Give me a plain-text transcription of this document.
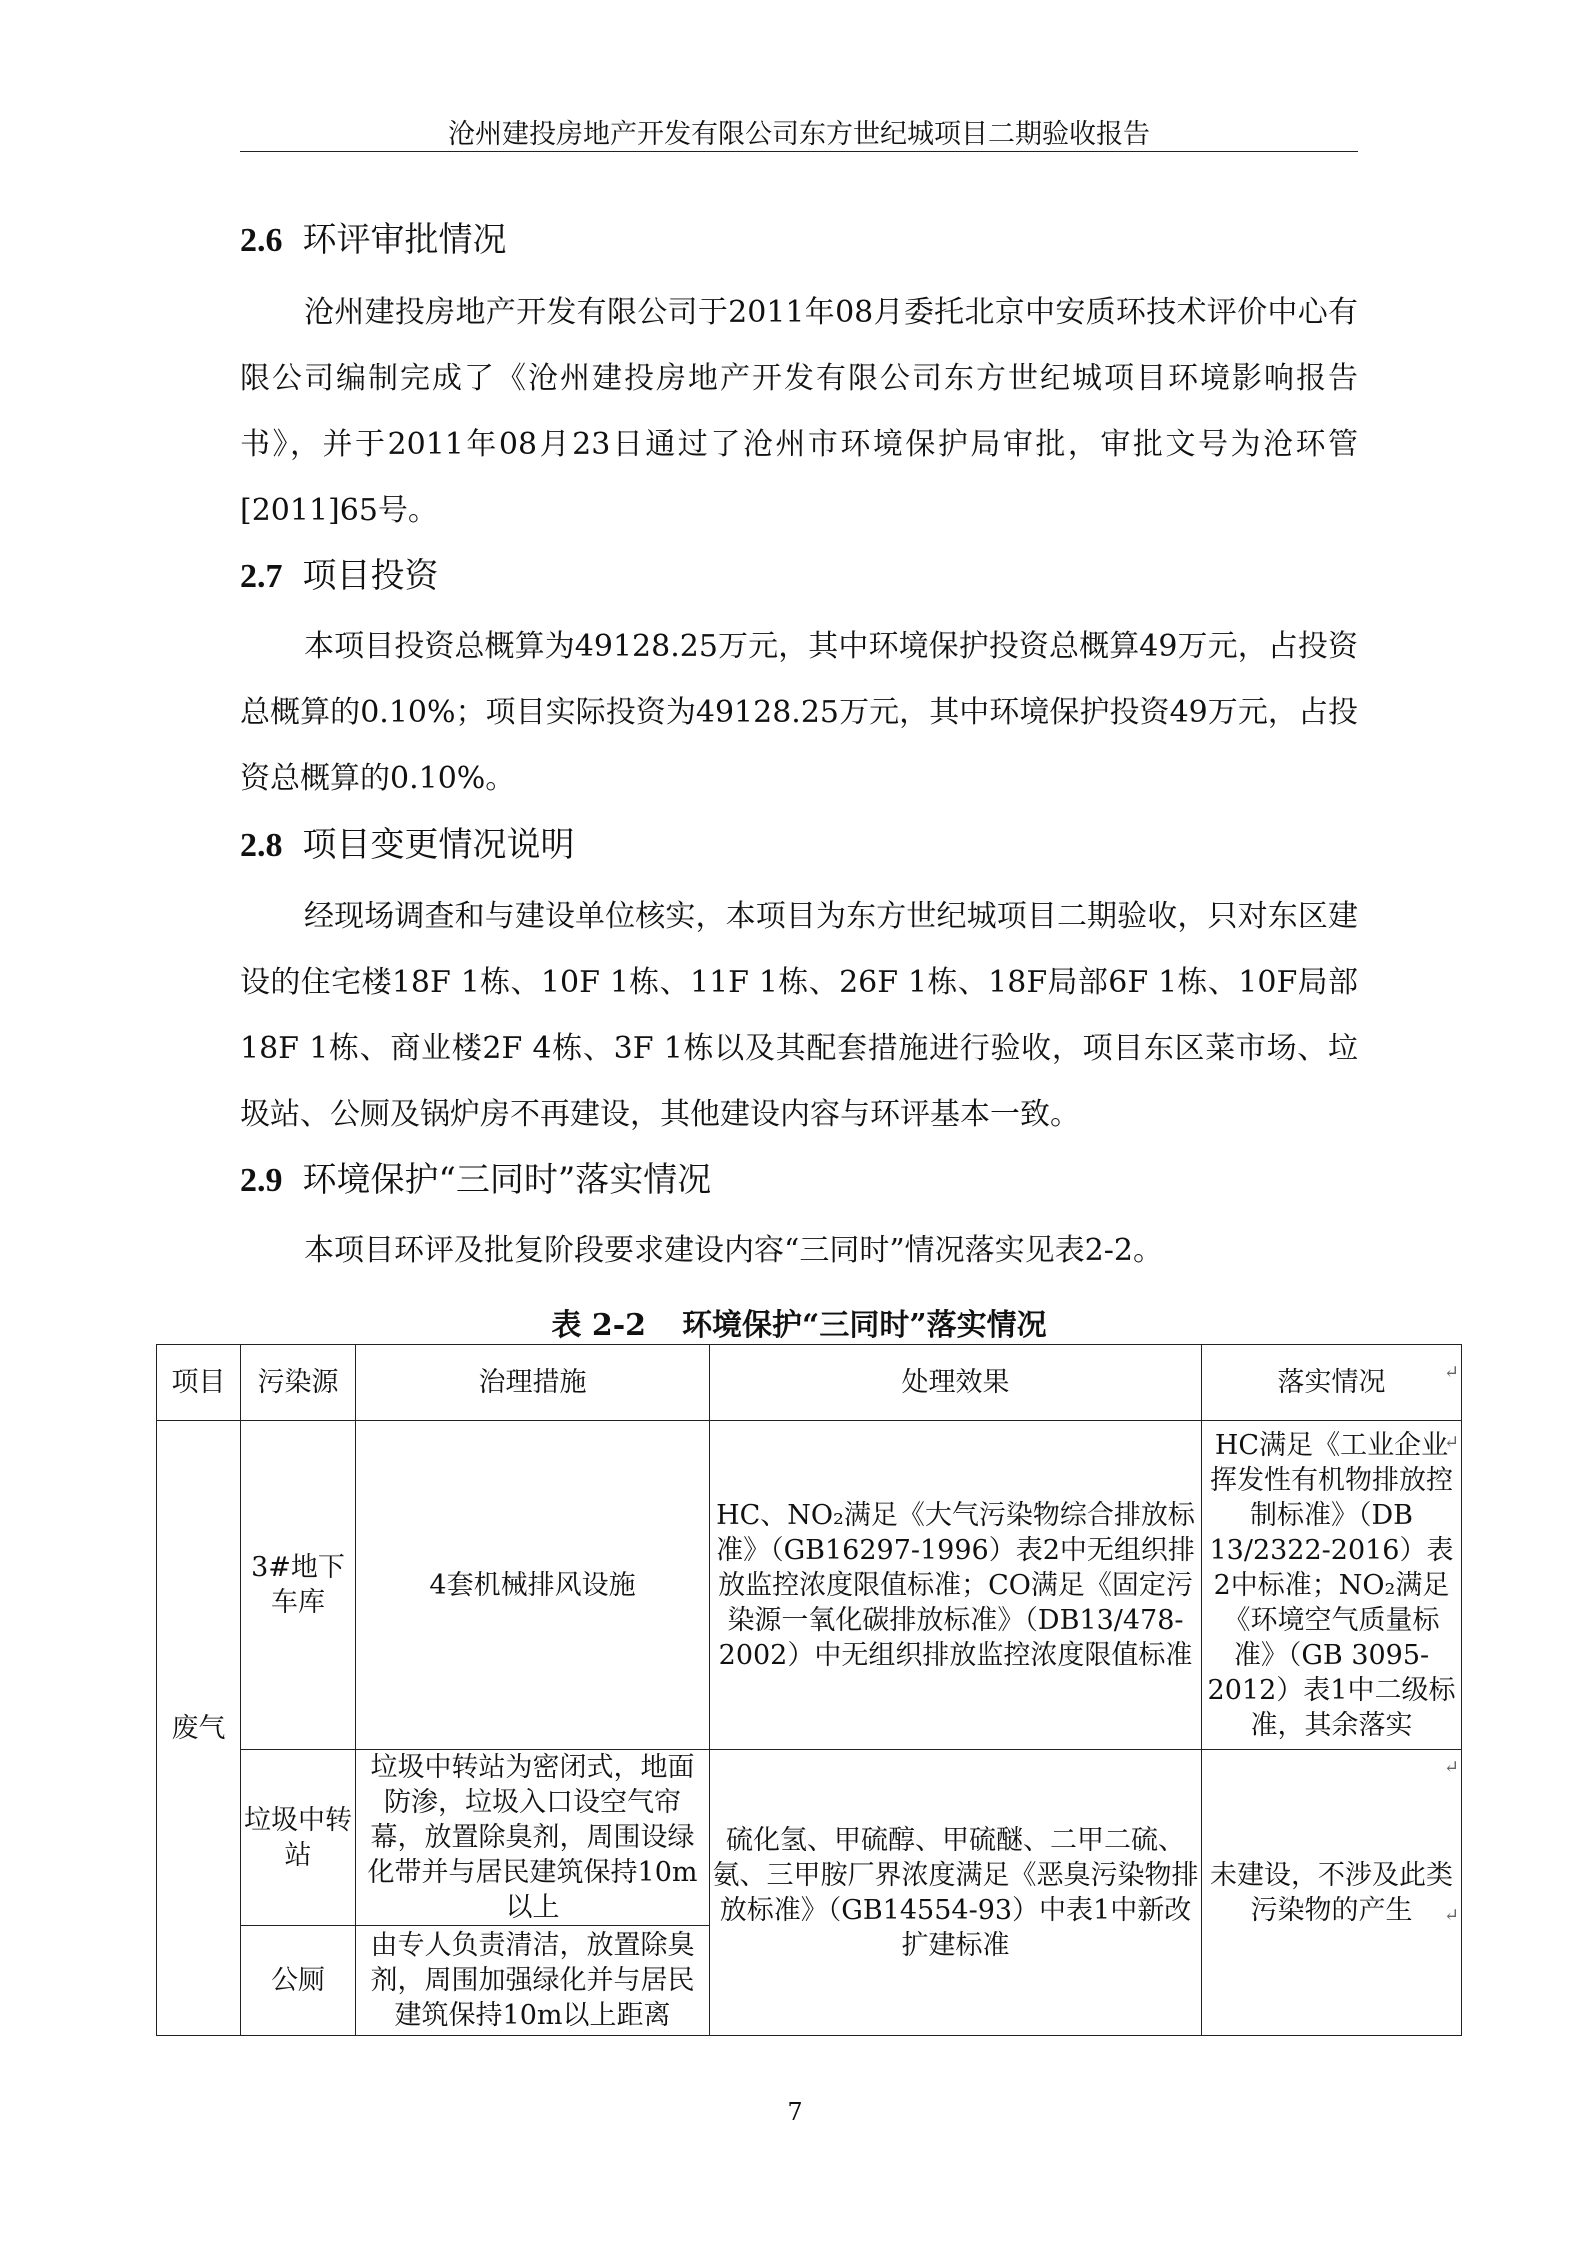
沧州建投房地产开发有限公司东方世纪城项目二期验收报告
2.6 环评审批情况
沧州建投房地产开发有限公司于2011年08月委托北京中安质环技术评价中心有限公司编制完成了《沧州建投房地产开发有限公司东方世纪城项目环境影响报告书》，并于2011年08月23日通过了沧州市环境保护局审批，审批文号为沧环管[2011]65号。
2.7 项目投资
本项目投资总概算为49128.25万元，其中环境保护投资总概算49万元，占投资总概算的0.10%；项目实际投资为49128.25万元，其中环境保护投资49万元，占投资总概算的0.10%。
2.8 项目变更情况说明
经现场调查和与建设单位核实，本项目为东方世纪城项目二期验收，只对东区建设的住宅楼18F 1栋、10F 1栋、11F 1栋、26F 1栋、18F局部6F 1栋、10F局部18F 1栋、商业楼2F 4栋、3F 1栋以及其配套措施进行验收，项目东区菜市场、垃圾站、公厕及锅炉房不再建设，其他建设内容与环评基本一致。
2.9 环境保护“三同时”落实情况
本项目环评及批复阶段要求建设内容“三同时”情况落实见表2-2。
表 2-2 环境保护“三同时”落实情况
项目	污染源	治理措施	处理效果	落实情况
废气	3#地下车库	4套机械排风设施	HC、NO₂满足《大气污染物综合排放标准》（GB16297-1996）表2中无组织排放监控浓度限值标准；CO满足《固定污染源一氧化碳排放标准》（DB13/478-2002）中无组织排放监控浓度限值标准	HC满足《工业企业挥发性有机物排放控制标准》（DB 13/2322-2016）表2中标准；NO₂满足《环境空气质量标准》（GB 3095-2012）表1中二级标准，其余落实
	垃圾中转站	垃圾中转站为密闭式，地面防渗，垃圾入口设空气帘幕，放置除臭剂，周围设绿化带并与居民建筑保持10m以上	硫化氢、甲硫醇、甲硫醚、二甲二硫、氨、三甲胺厂界浓度满足《恶臭污染物排放标准》（GB14554-93）中表1中新改扩建标准	未建设，不涉及此类污染物的产生
	公厕	由专人负责清洁，放置除臭剂，周围加强绿化并与居民建筑保持10m以上距离		
↵
↵
↵
↵
7
